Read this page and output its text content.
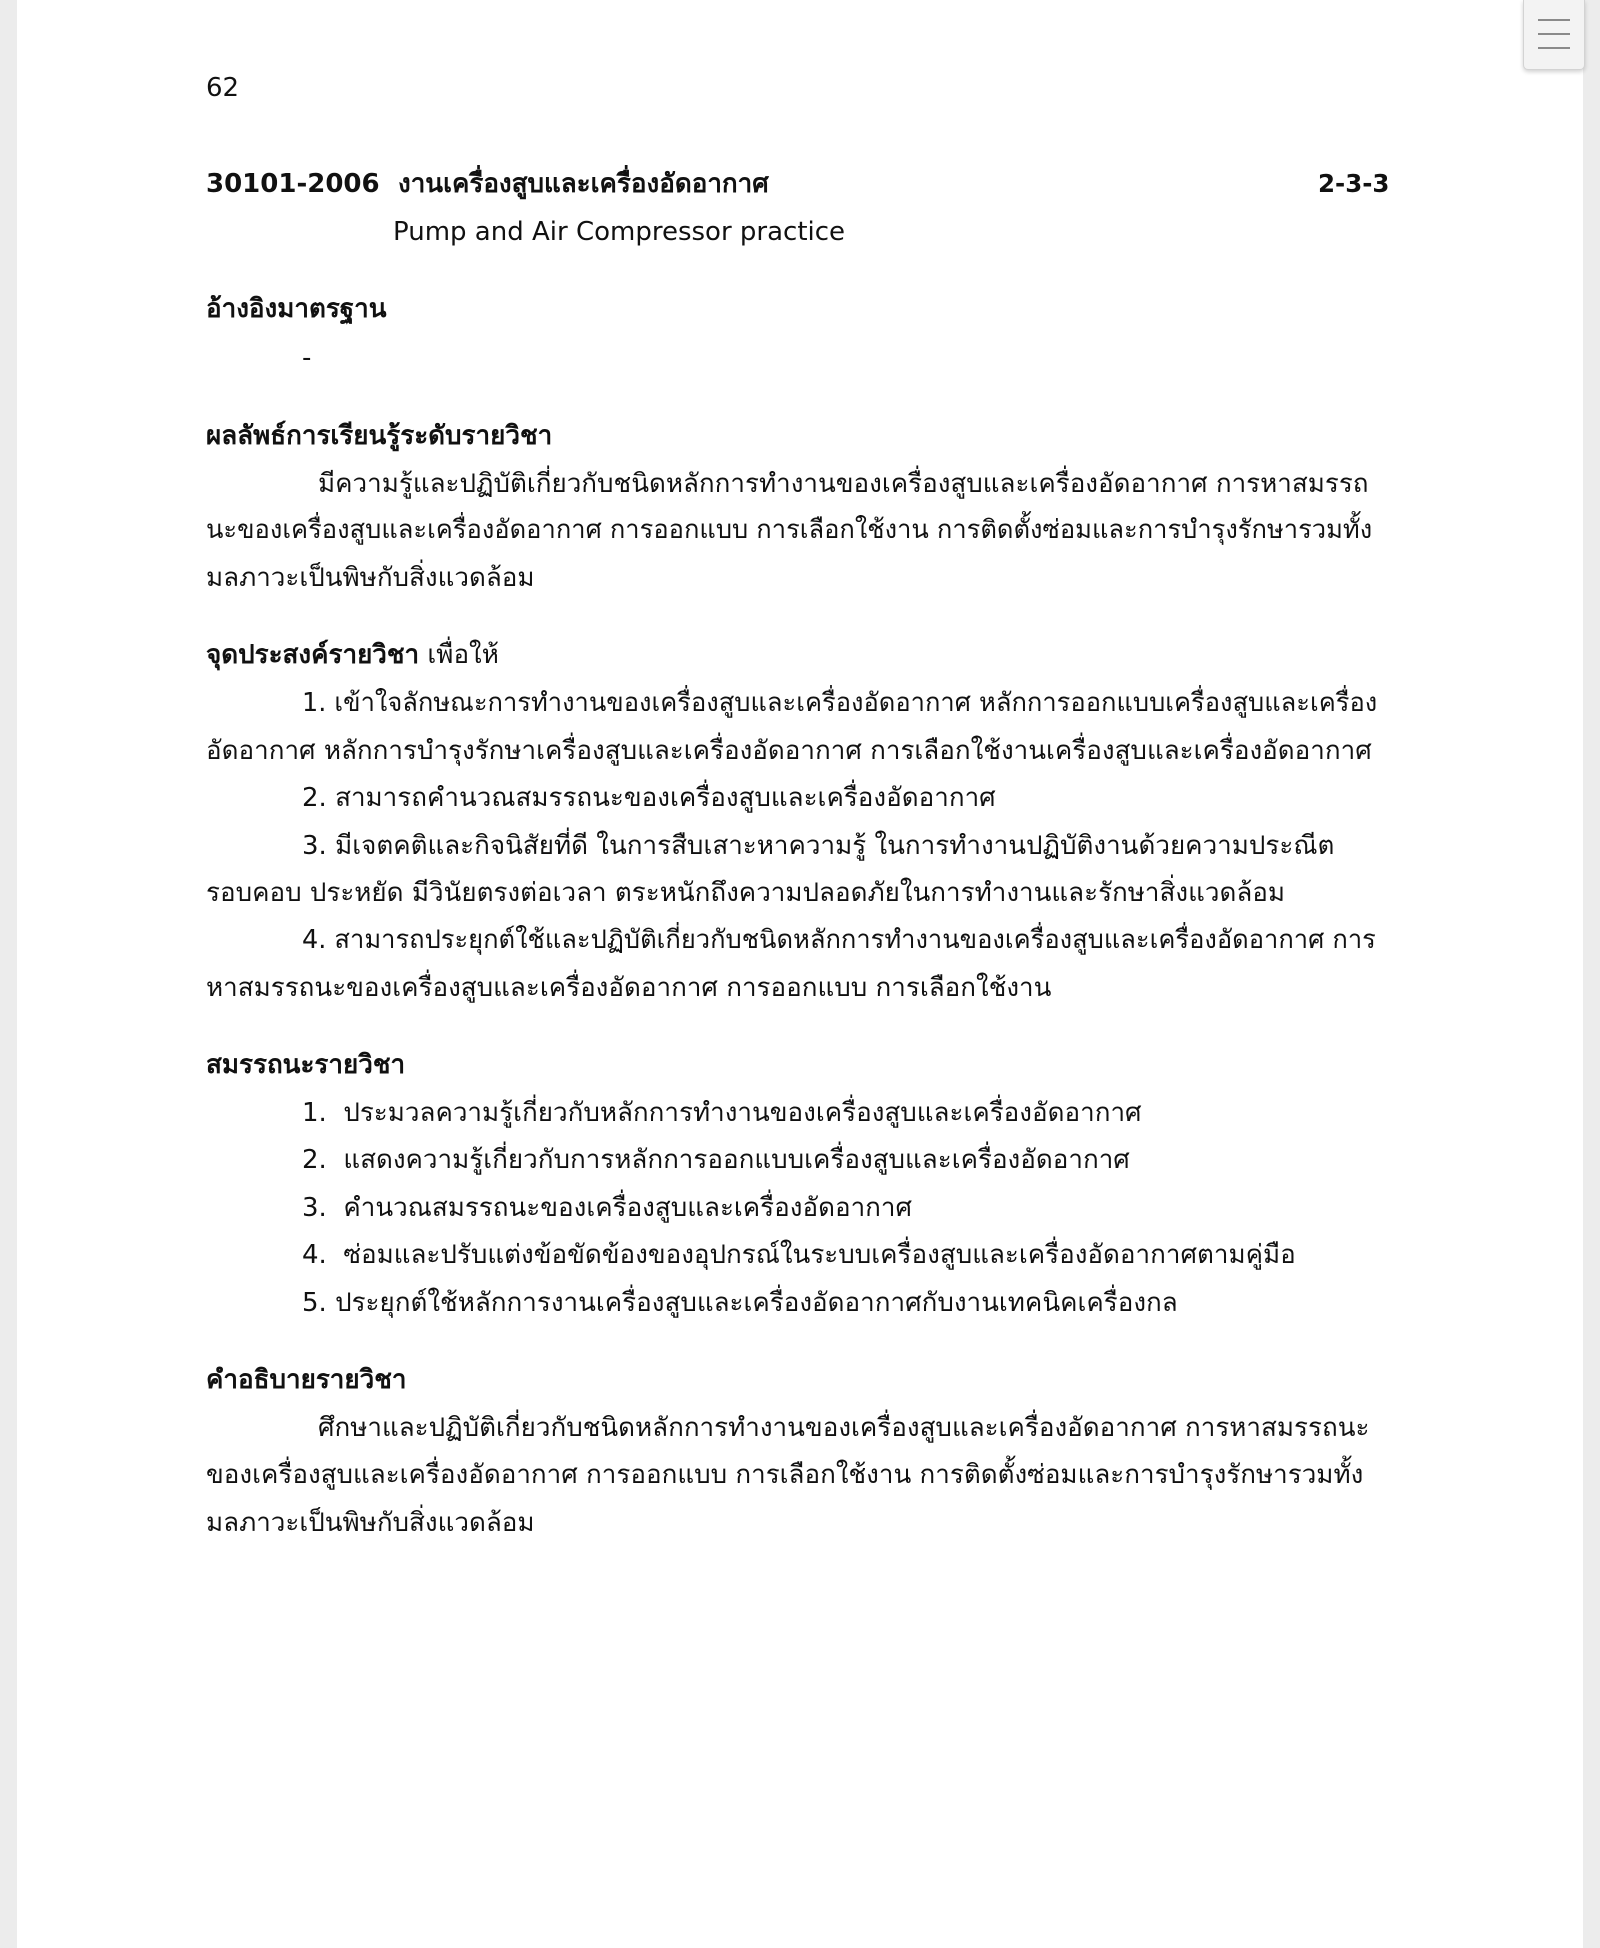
62
30101-2006 งานเครื่องสูบและเครื่องอัดอากาศ	2-3-3
Pump and Air Compressor practice
อ้างอิงมาตรฐาน
-
ผลลัพธ์การเรียนรู้ระดับรายวิชา
มีความรู้และปฏิบัติเกี่ยวกับชนิดหลักการทำงานของเครื่องสูบและเครื่องอัดอากาศ การหาสมรรถ
นะของเครื่องสูบและเครื่องอัดอากาศ การออกแบบ การเลือกใช้งาน การติดตั้งซ่อมและการบำรุงรักษารวมทั้ง
มลภาวะเป็นพิษกับสิ่งแวดล้อม
จุดประสงค์รายวิชา เพื่อให้
1. เข้าใจลักษณะการทำงานของเครื่องสูบและเครื่องอัดอากาศ หลักการออกแบบเครื่องสูบและเครื่อง
อัดอากาศ หลักการบำรุงรักษาเครื่องสูบและเครื่องอัดอากาศ การเลือกใช้งานเครื่องสูบและเครื่องอัดอากาศ
2. สามารถคำนวณสมรรถนะของเครื่องสูบและเครื่องอัดอากาศ
3. มีเจตคติและกิจนิสัยที่ดี ในการสืบเสาะหาความรู้ ในการทำงานปฏิบัติงานด้วยความประณีต
รอบคอบ ประหยัด มีวินัยตรงต่อเวลา ตระหนักถึงความปลอดภัยในการทำงานและรักษาสิ่งแวดล้อม
4. สามารถประยุกต์ใช้และปฏิบัติเกี่ยวกับชนิดหลักการทำงานของเครื่องสูบและเครื่องอัดอากาศ การ
หาสมรรถนะของเครื่องสูบและเครื่องอัดอากาศ การออกแบบ การเลือกใช้งาน
สมรรถนะรายวิชา
1.  ประมวลความรู้เกี่ยวกับหลักการทำงานของเครื่องสูบและเครื่องอัดอากาศ
2.  แสดงความรู้เกี่ยวกับการหลักการออกแบบเครื่องสูบและเครื่องอัดอากาศ
3.  คำนวณสมรรถนะของเครื่องสูบและเครื่องอัดอากาศ
4.  ซ่อมและปรับแต่งข้อขัดข้องของอุปกรณ์ในระบบเครื่องสูบและเครื่องอัดอากาศตามคู่มือ
5. ประยุกต์ใช้หลักการงานเครื่องสูบและเครื่องอัดอากาศกับงานเทคนิคเครื่องกล
คำอธิบายรายวิชา
ศึกษาและปฏิบัติเกี่ยวกับชนิดหลักการทำงานของเครื่องสูบและเครื่องอัดอากาศ การหาสมรรถนะ
ของเครื่องสูบและเครื่องอัดอากาศ การออกแบบ การเลือกใช้งาน การติดตั้งซ่อมและการบำรุงรักษารวมทั้ง
มลภาวะเป็นพิษกับสิ่งแวดล้อม
